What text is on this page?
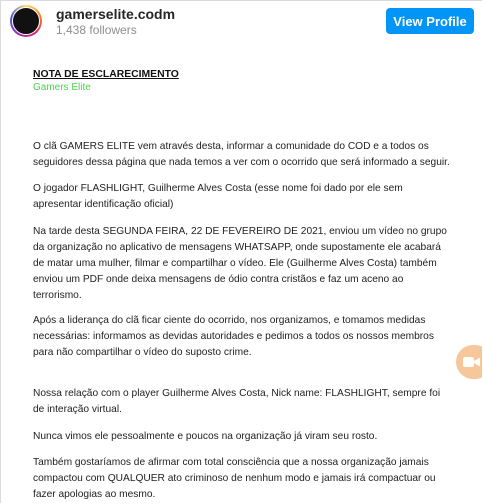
gamerselite.codm
1,438 followers
View Profile
NOTA DE ESCLARECIMENTO
Gamers Elite
O clã GAMERS ELITE vem através desta, informar a comunidade do COD e a todos os
seguidores dessa página que nada temos a ver com o ocorrido que será informado a seguir.
O jogador FLASHLIGHT, Guilherme Alves Costa (esse nome foi dado por ele sem
apresentar identificação oficial)
Na tarde desta SEGUNDA FEIRA, 22 DE FEVEREIRO DE 2021, enviou um vídeo no grupo
da organização no aplicativo de mensagens WHATSAPP, onde supostamente ele acabará
de matar uma mulher, filmar e compartilhar o vídeo. Ele (Guilherme Alves Costa) também
enviou um PDF onde deixa mensagens de ódio contra cristãos e faz um aceno ao
terrorismo.
Após a liderança do clã ficar ciente do ocorrido, nos organizamos, e tomamos medidas
necessárias: informamos as devidas autoridades e pedimos a todos os nossos membros
para não compartilhar o vídeo do suposto crime.
Nossa relação com o player Guilherme Alves Costa, Nick name: FLASHLIGHT, sempre foi
de interação virtual.
Nunca vimos ele pessoalmente e poucos na organização já viram seu rosto.
Também gostaríamos de afirmar com total consciência que a nossa organização jamais
compactou com QUALQUER ato criminoso de nenhum modo e jamais irá compactuar ou
fazer apologias ao mesmo.
